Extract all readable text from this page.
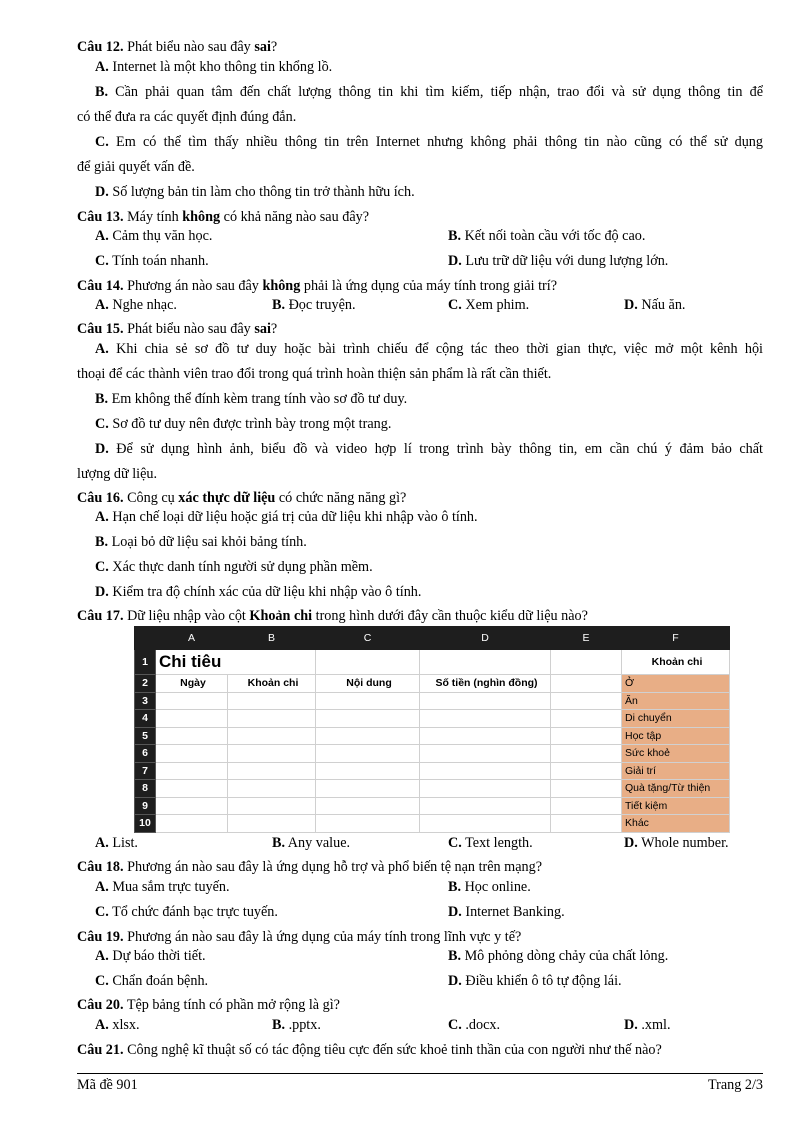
Câu 12. Phát biểu nào sau đây sai?
A. Internet là một kho thông tin khổng lồ.
B. Cần phải quan tâm đến chất lượng thông tin khi tìm kiếm, tiếp nhận, trao đổi và sử dụng thông tin để
có thể đưa ra các quyết định đúng đắn.
C. Em có thể tìm thấy nhiều thông tin trên Internet nhưng không phải thông tin nào cũng có thể sử dụng
để giải quyết vấn đề.
D. Số lượng bản tin làm cho thông tin trở thành hữu ích.
Câu 13. Máy tính không có khả năng nào sau đây?
A. Cảm thụ văn học.	B. Kết nối toàn cầu với tốc độ cao.
C. Tính toán nhanh.	D. Lưu trữ dữ liệu với dung lượng lớn.
Câu 14. Phương án nào sau đây không phải là ứng dụng của máy tính trong giải trí?
A. Nghe nhạc.	B. Đọc truyện.	C. Xem phim.	D. Nấu ăn.
Câu 15. Phát biểu nào sau đây sai?
A. Khi chia sẻ sơ đồ tư duy hoặc bài trình chiếu để cộng tác theo thời gian thực, việc mở một kênh hội
thoại để các thành viên trao đổi trong quá trình hoàn thiện sản phẩm là rất cần thiết.
B. Em không thể đính kèm trang tính vào sơ đồ tư duy.
C. Sơ đồ tư duy nên được trình bày trong một trang.
D. Để sử dụng hình ảnh, biểu đồ và video hợp lí trong trình bày thông tin, em cần chú ý đảm bảo chất
lượng dữ liệu.
Câu 16. Công cụ xác thực dữ liệu có chức năng năng gì?
A. Hạn chế loại dữ liệu hoặc giá trị của dữ liệu khi nhập vào ô tính.
B. Loại bỏ dữ liệu sai khỏi bảng tính.
C. Xác thực danh tính người sử dụng phần mềm.
D. Kiểm tra độ chính xác của dữ liệu khi nhập vào ô tính.
Câu 17. Dữ liệu nhập vào cột Khoản chi trong hình dưới đây cần thuộc kiểu dữ liệu nào?
	A	B	C	D	E	F
1	Chi tiêu					Khoản chi
2	Ngày	Khoản chi	Nội dung	Số tiền (nghìn đồng)		Ở
3						Ăn
4						Di chuyển
5						Học tập
6						Sức khoẻ
7						Giải trí
8						Quà tặng/Từ thiện
9						Tiết kiệm
10						Khác
A. List.	B. Any value.	C. Text length.	D. Whole number.
Câu 18. Phương án nào sau đây là ứng dụng hỗ trợ và phổ biến tệ nạn trên mạng?
A. Mua sắm trực tuyến.	B. Học online.
C. Tổ chức đánh bạc trực tuyến.	D. Internet Banking.
Câu 19. Phương án nào sau đây là ứng dụng của máy tính trong lĩnh vực y tế?
A. Dự báo thời tiết.	B. Mô phỏng dòng chảy của chất lỏng.
C. Chẩn đoán bệnh.	D. Điều khiển ô tô tự động lái.
Câu 20. Tệp bảng tính có phần mở rộng là gì?
A. xlsx.	B. .pptx.	C. .docx.	D. .xml.
Câu 21. Công nghệ kĩ thuật số có tác động tiêu cực đến sức khoẻ tinh thần của con người như thế nào?
Mã đề 901	Trang 2/3
